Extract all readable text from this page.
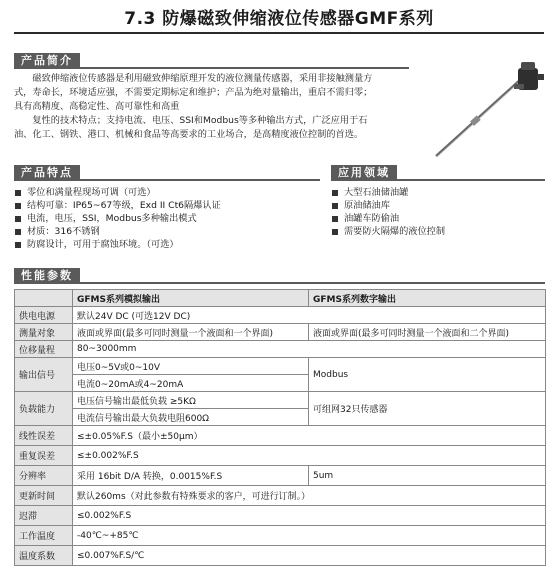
7.3 防爆磁致伸缩液位传感器GMF系列
产品简介

磁致伸缩液位传感器是利用磁致伸缩原理开发的液位测量传感器，采用非接触测量方

式，寿命长，环境适应强，不需要定期标定和维护；产品为绝对量输出，重启不需归零；

具有高精度、高稳定性、高可靠性和高重

复性的技术特点；支持电流、电压、SSI和Modbus等多种输出方式，广泛应用于石

油、化工、钢铁、港口、机械和食品等高要求的工业场合，是高精度液位控制的首选。

产品特点
零位和满量程现场可调（可选）
结构可靠：IP65~67等级，Exd II Ct6隔爆认证
电流，电压，SSI，Modbus多种输出模式
材质：316不锈钢
防腐设计，可用于腐蚀环境。（可选）
应用领域
大型石油储油罐
原油储油库
油罐车防偷油
需要防火隔爆的液位控制
性能参数
	GFMS系列模拟输出	GFMS系列数字输出
供电电源	默认24V DC (可选12V DC)	
测量对象	液面或界面(最多可同时测量一个液面和一个界面)	液面或界面(最多可同时测量一个液面和二个界面)
位移量程	80~3000mm	
输出信号	电压0~5V或0~10V	Modbus
	电流0~20mA或4~20mA	
负载能力	电压信号输出最低负载 ≥5KΩ	可组网32只传感器
	电流信号输出最大负载电阻600Ω	
线性误差	≤±0.05%F.S（最小±50μm）	
重复误差	≤±0.002%F.S	
分辨率	采用 16bit D/A 转换，0.0015%F.S	5um
更新时间	默认260ms（对此参数有特殊要求的客户，可进行订制。）	
迟滞	≤0.002%F.S	
工作温度	-40℃~+85℃	
温度系数	≤0.007%F.S/℃	
